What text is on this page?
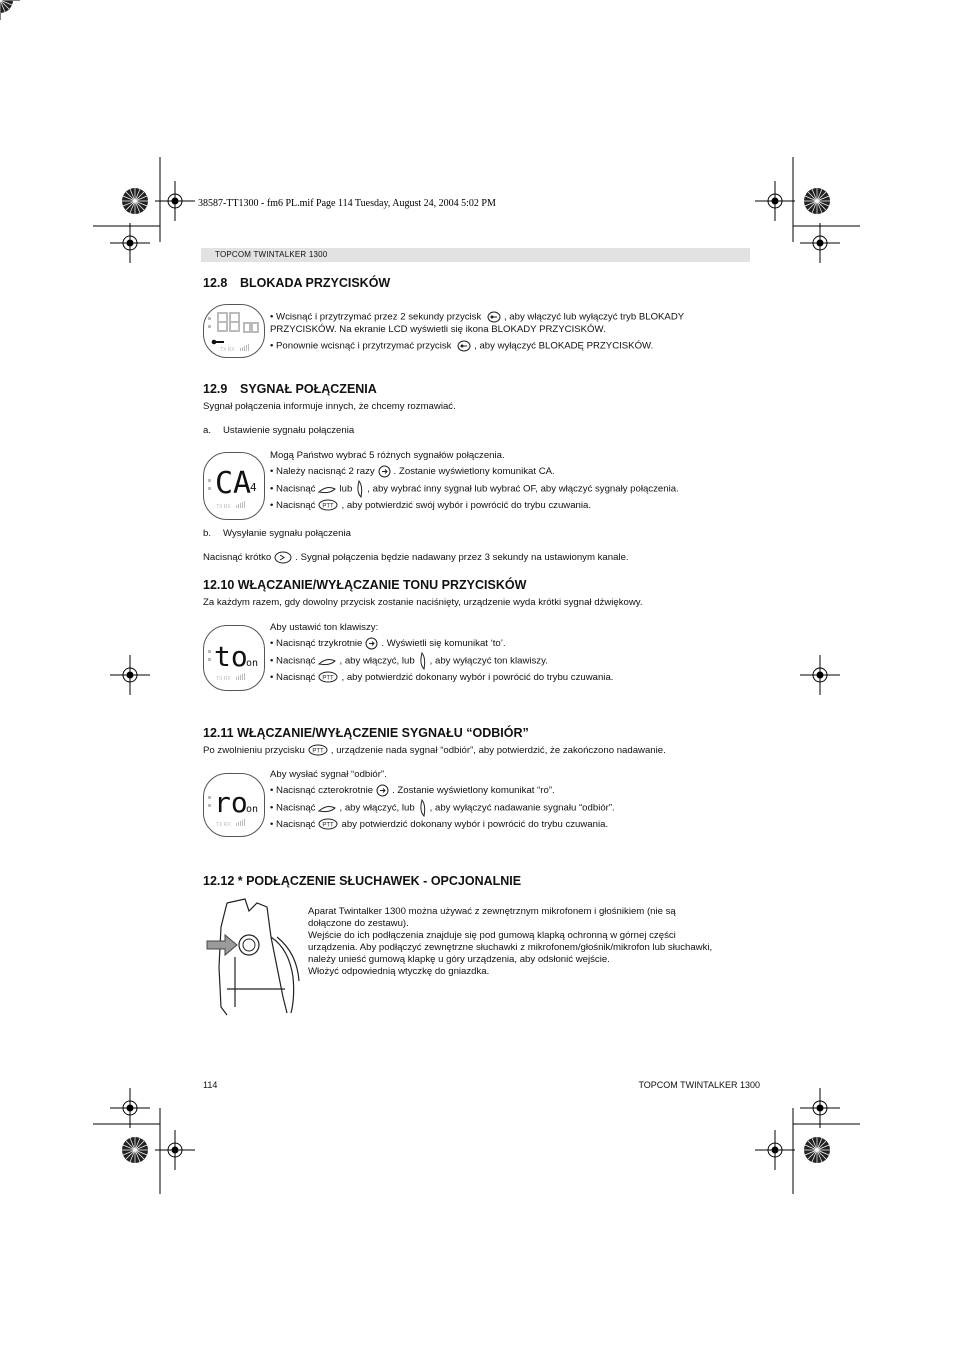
38587-TT1300 - fm6 PL.mif Page 114 Tuesday, August 24, 2004 5:02 PM
TOPCOM TWINTALKER 1300
12.8 BLOKADA PRZYCISKÓW
TX RX
• Wcisnąć i przytrzymać przez 2 sekundy przycisk , aby włączyć lub wyłączyć tryb BLOKADY
PRZYCISKÓW. Na ekranie LCD wyświetli się ikona BLOKADY PRZYCISKÓW.
• Ponownie wcisnąć i przytrzymać przycisk , aby wyłączyć BLOKADĘ PRZYCISKÓW.
12.9 SYGNAŁ POŁĄCZENIA
Sygnał połączenia informuje innych, że chcemy rozmawiać.
a. Ustawienie sygnału połączenia
CA
4
TX RX
Mogą Państwo wybrać 5 różnych sygnałów połączenia.
• Należy nacisnąć 2 razy . Zostanie wyświetlony komunikat CA.
• Nacisnąć	lub , aby wybrać inny sygnał lub wybrać OF, aby włączyć sygnały połączenia.
• Nacisnąć PTT , aby potwierdzić swój wybór i powrócić do trybu czuwania.
b. Wysyłanie sygnału połączenia
Nacisnąć krótko	. Sygnał połączenia będzie nadawany przez 3 sekundy na ustawionym kanale.
12.10 WŁĄCZANIE/WYŁĄCZANIE TONU PRZYCISKÓW
Za każdym razem, gdy dowolny przycisk zostanie naciśnięty, urządzenie wyda krótki sygnał dźwiękowy.
to
on
TX RX
Aby ustawić ton klawiszy:
• Nacisnąć trzykrotnie . Wyświetli się komunikat ‘to’.
• Nacisnąć	, aby włączyć, lub , aby wyłączyć ton klawiszy.
• Nacisnąć PTT , aby potwierdzić dokonany wybór i powrócić do trybu czuwania.
12.11 WŁĄCZANIE/WYŁĄCZENIE SYGNAŁU “ODBIÓR”
Po zwolnieniu przycisku PTT , urządzenie nada sygnał “odbiór”, aby potwierdzić, że zakończono nadawanie.
ro
on
TX RX
Aby wysłać sygnał “odbiór”.
• Nacisnąć czterokrotnie . Zostanie wyświetlony komunikat “ro”.
• Nacisnąć	, aby włączyć, lub , aby wyłączyć nadawanie sygnału “odbiór”.
• Nacisnąć PTT aby potwierdzić dokonany wybór i powrócić do trybu czuwania.
12.12 * PODŁĄCZENIE SŁUCHAWEK - OPCJONALNIE
Aparat Twintalker 1300 można używać z zewnętrznym mikrofonem i głośnikiem (nie są
dołączone do zestawu).
Wejście do ich podłączenia znajduje się pod gumową klapką ochronną w górnej części
urządzenia. Aby podłączyć zewnętrzne słuchawki z mikrofonem/głośnik/mikrofon lub słuchawki,
należy unieść gumową klapkę u góry urządzenia, aby odsłonić wejście.
Włożyć odpowiednią wtyczkę do gniazdka.
114	TOPCOM TWINTALKER 1300
